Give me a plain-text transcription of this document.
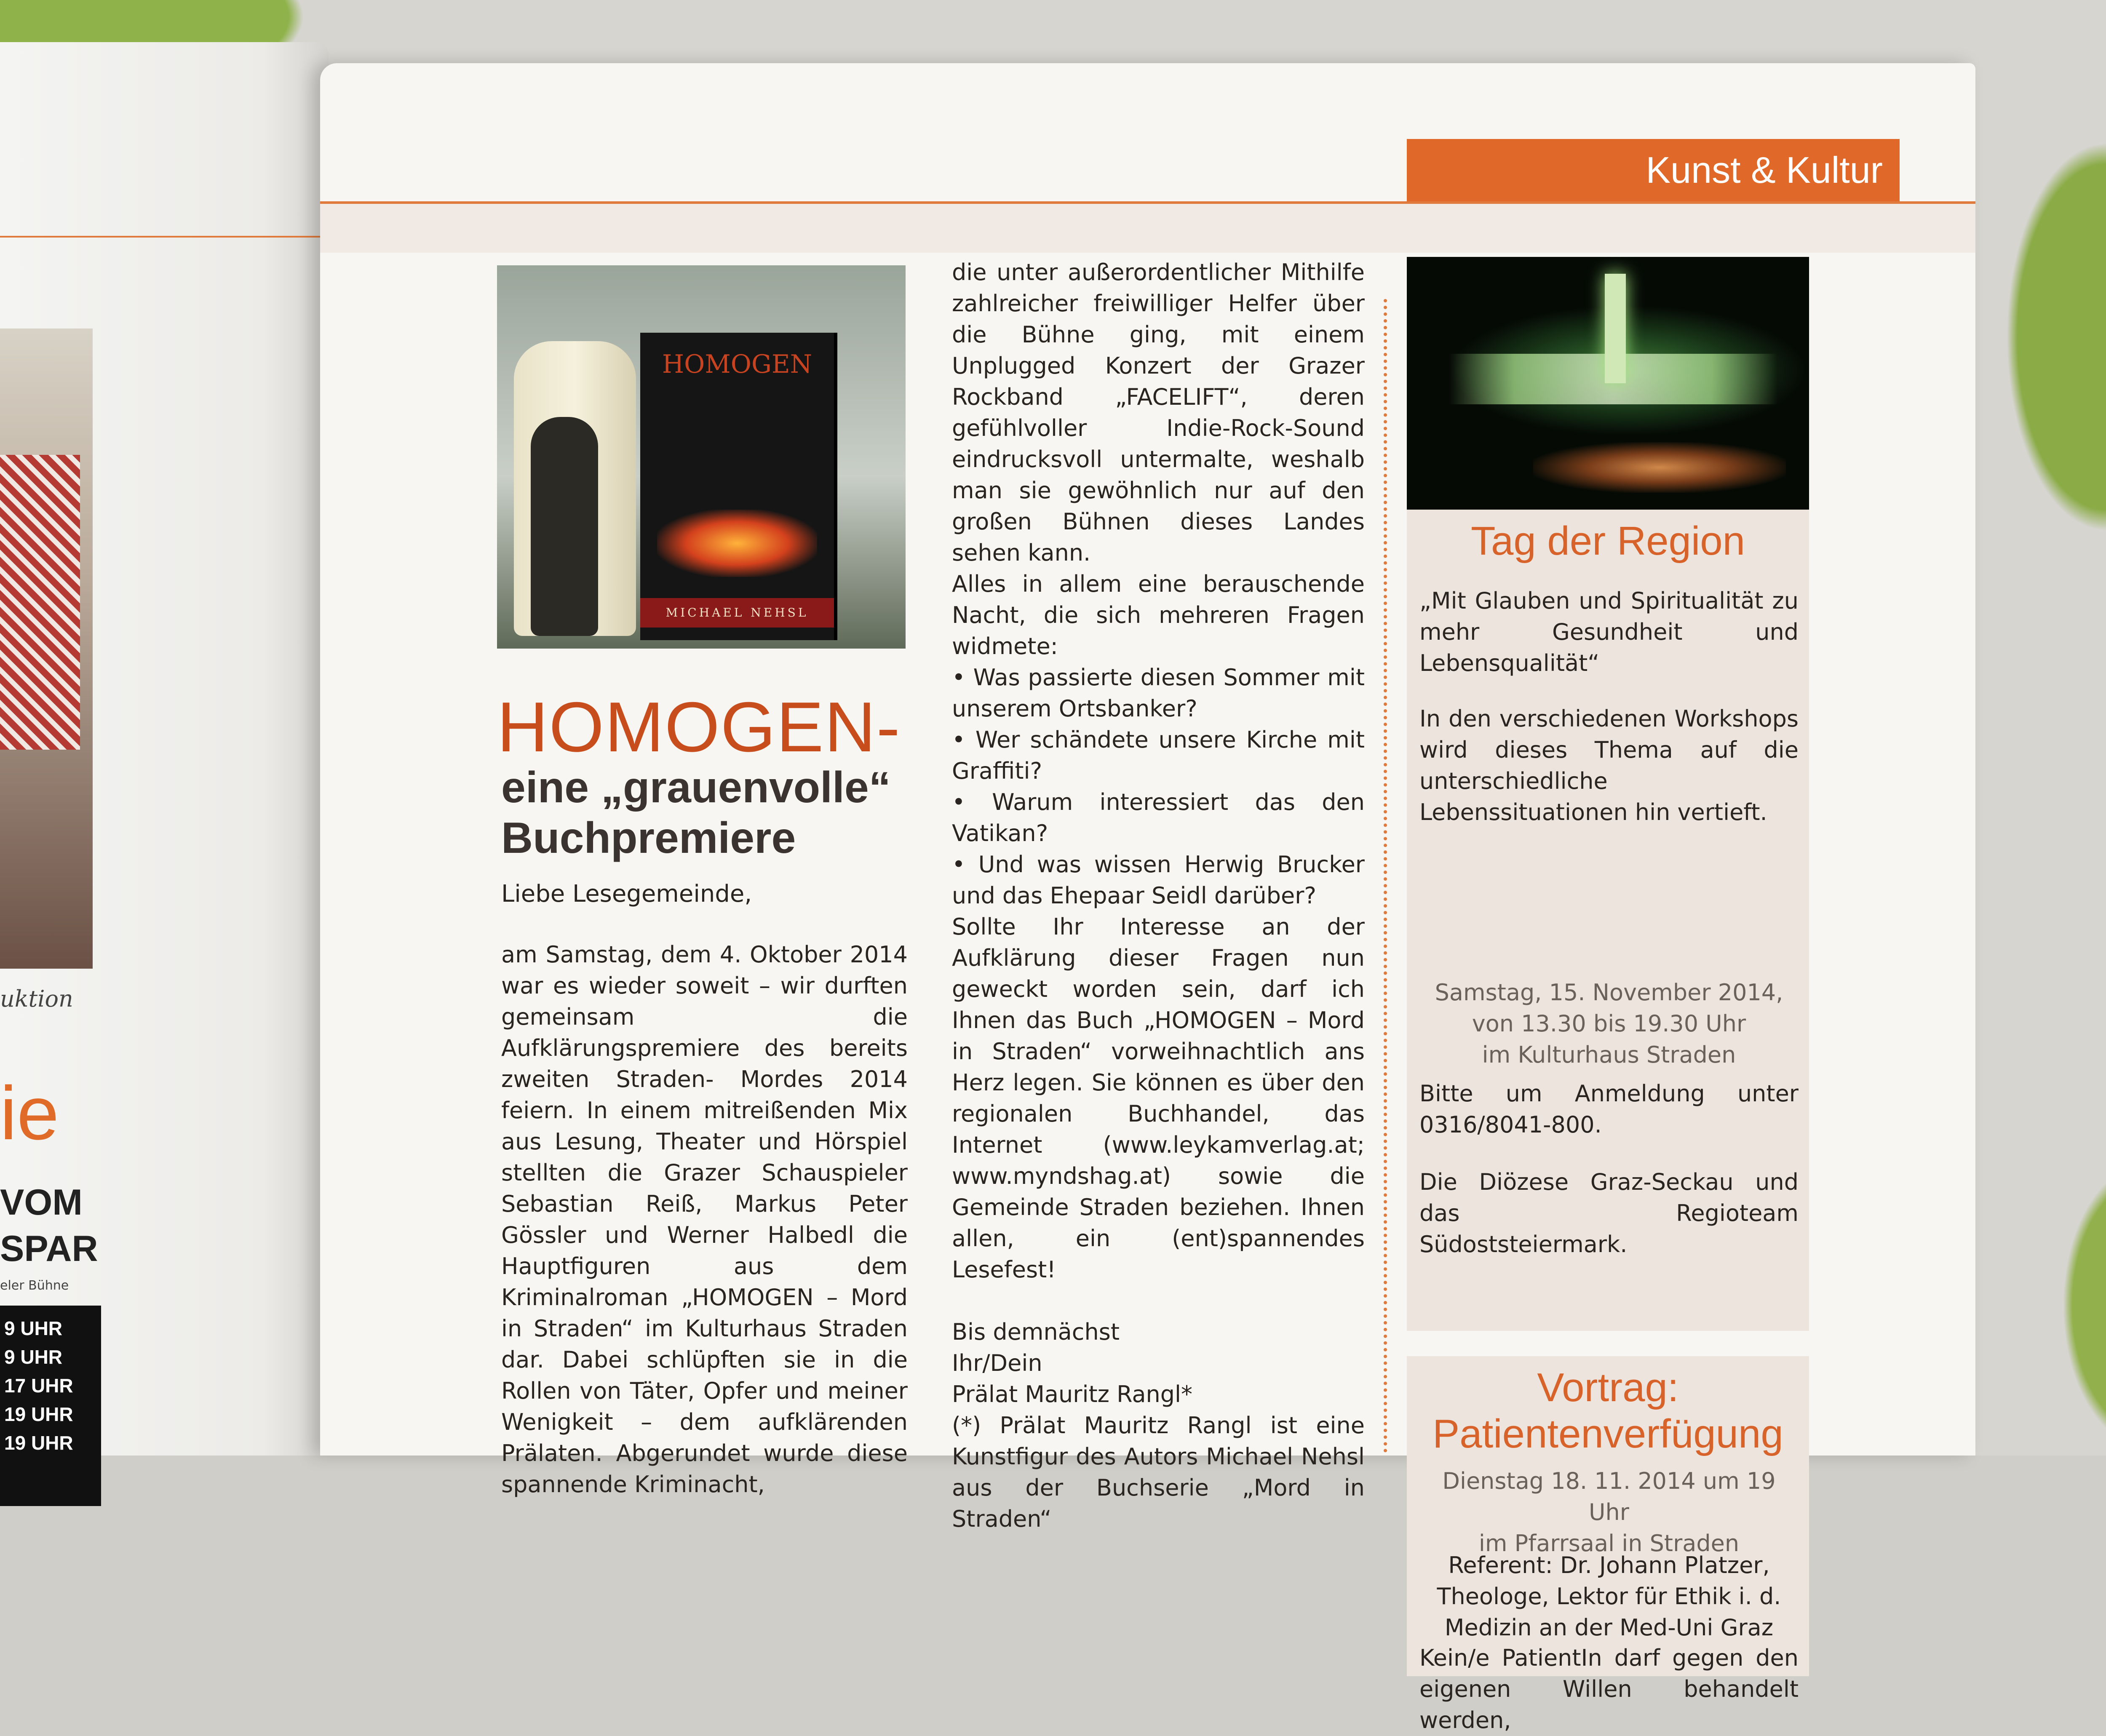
uktion
ie
VOM
SPAR
eler Bühne
9 UHR
9 UHR
17 UHR
19 UHR
19 UHR
Kunst & Kultur
HOMOGEN
MICHAEL NEHSL
HOMOGEN-
eine „grauenvolle“
Buchpremiere
Liebe Lesegemeinde,
am Samstag, dem 4. Oktober 2014 war es wieder soweit – wir durften gemeinsam die Aufklärungspremiere des bereits zweiten Straden- Mordes 2014 feiern. In einem mitreißenden Mix aus Lesung, Theater und Hörspiel stellten die Grazer Schauspieler Sebastian Reiß, Markus Peter Gössler und Werner Halbedl die Hauptfiguren aus dem Kriminalroman „HOMOGEN – Mord in Straden“ im Kulturhaus Straden dar. Dabei schlüpften sie in die Rollen von Täter, Opfer und meiner Wenigkeit – dem aufklärenden Prälaten. Abgerundet wurde diese spannende Kriminacht,

die unter außerordentlicher Mithilfe zahlreicher freiwilliger Helfer über die Bühne ging, mit einem Unplugged Konzert der Grazer Rockband „FACELIFT“, deren gefühlvoller Indie-Rock-Sound eindrucksvoll untermalte, weshalb man sie gewöhnlich nur auf den großen Bühnen dieses Landes sehen kann.

Alles in allem eine berauschende Nacht, die sich mehreren Fragen widmete:

• Was passierte diesen Sommer mit unserem Ortsbanker?

• Wer schändete unsere Kirche mit Graffiti?

• Warum interessiert das den Vatikan?

• Und was wissen Herwig Brucker und das Ehepaar Seidl darüber?

Sollte Ihr Interesse an der Aufklärung dieser Fragen nun geweckt worden sein, darf ich Ihnen das Buch „HOMOGEN – Mord in Straden“ vorweihnachtlich ans Herz legen. Sie können es über den regionalen Buchhandel, das Internet (www.leykamverlag.at; www.myndshag.at) sowie die Gemeinde Straden beziehen. Ihnen allen, ein (ent)spannendes Lesefest!

Bis demnächst

Ihr/Dein

Prälat Mauritz Rangl*

(*) Prälat Mauritz Rangl ist eine Kunstfigur des Autors Michael Nehsl aus der Buchserie „Mord in Straden“

Tag der Region
„Mit Glauben und Spiritualität zu mehr Gesundheit und Lebensqualität“
In den verschiedenen Workshops wird dieses Thema auf die unterschiedliche Lebenssituationen hin vertieft.
Samstag, 15. November 2014,
von 13.30 bis 19.30 Uhr
im Kulturhaus Straden
Bitte um Anmeldung unter 0316/8041-800.
Die Diözese Graz-Seckau und das Regioteam Südoststeiermark.
Vortrag:
Patientenverfügung
Dienstag 18. 11. 2014 um 19 Uhr
im Pfarrsaal in Straden
Referent: Dr. Johann Platzer, Theologe, Lektor für Ethik i. d. Medizin an der Med-Uni Graz
Kein/e PatientIn darf gegen den eigenen Willen behandelt werden,
